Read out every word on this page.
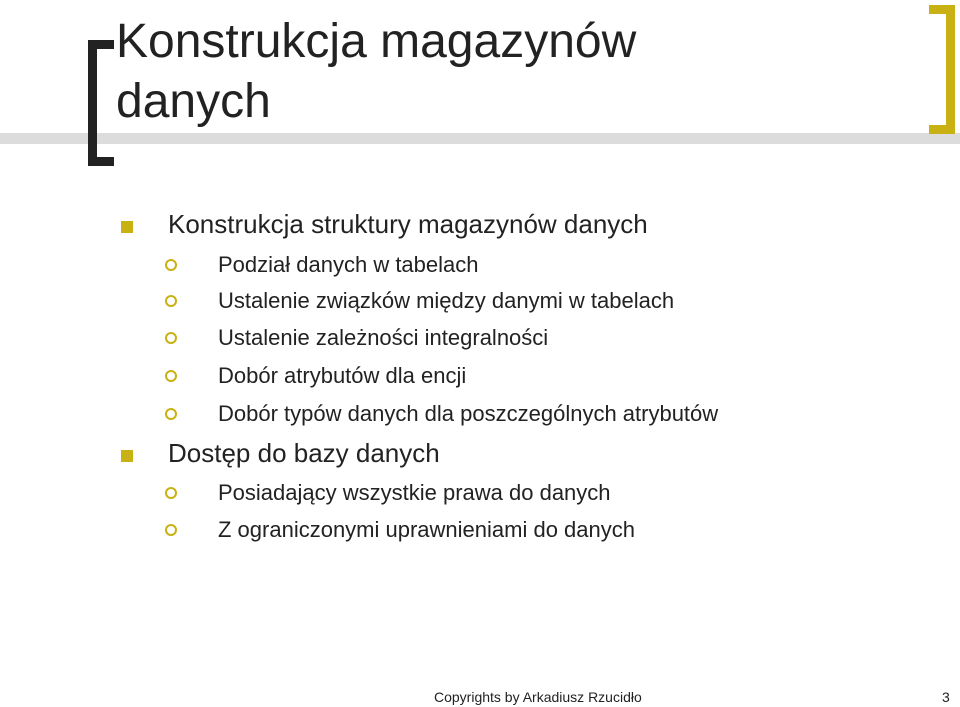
Konstrukcja magazynów
danych
Konstrukcja struktury magazynów danych
Podział danych w tabelach
Ustalenie związków między danymi w tabelach
Ustalenie zależności integralności
Dobór atrybutów dla encji
Dobór typów danych dla poszczególnych atrybutów
Dostęp do bazy danych
Posiadający wszystkie prawa do danych
Z ograniczonymi uprawnieniami do danych
Copyrights by Arkadiusz Rzucidło	3
